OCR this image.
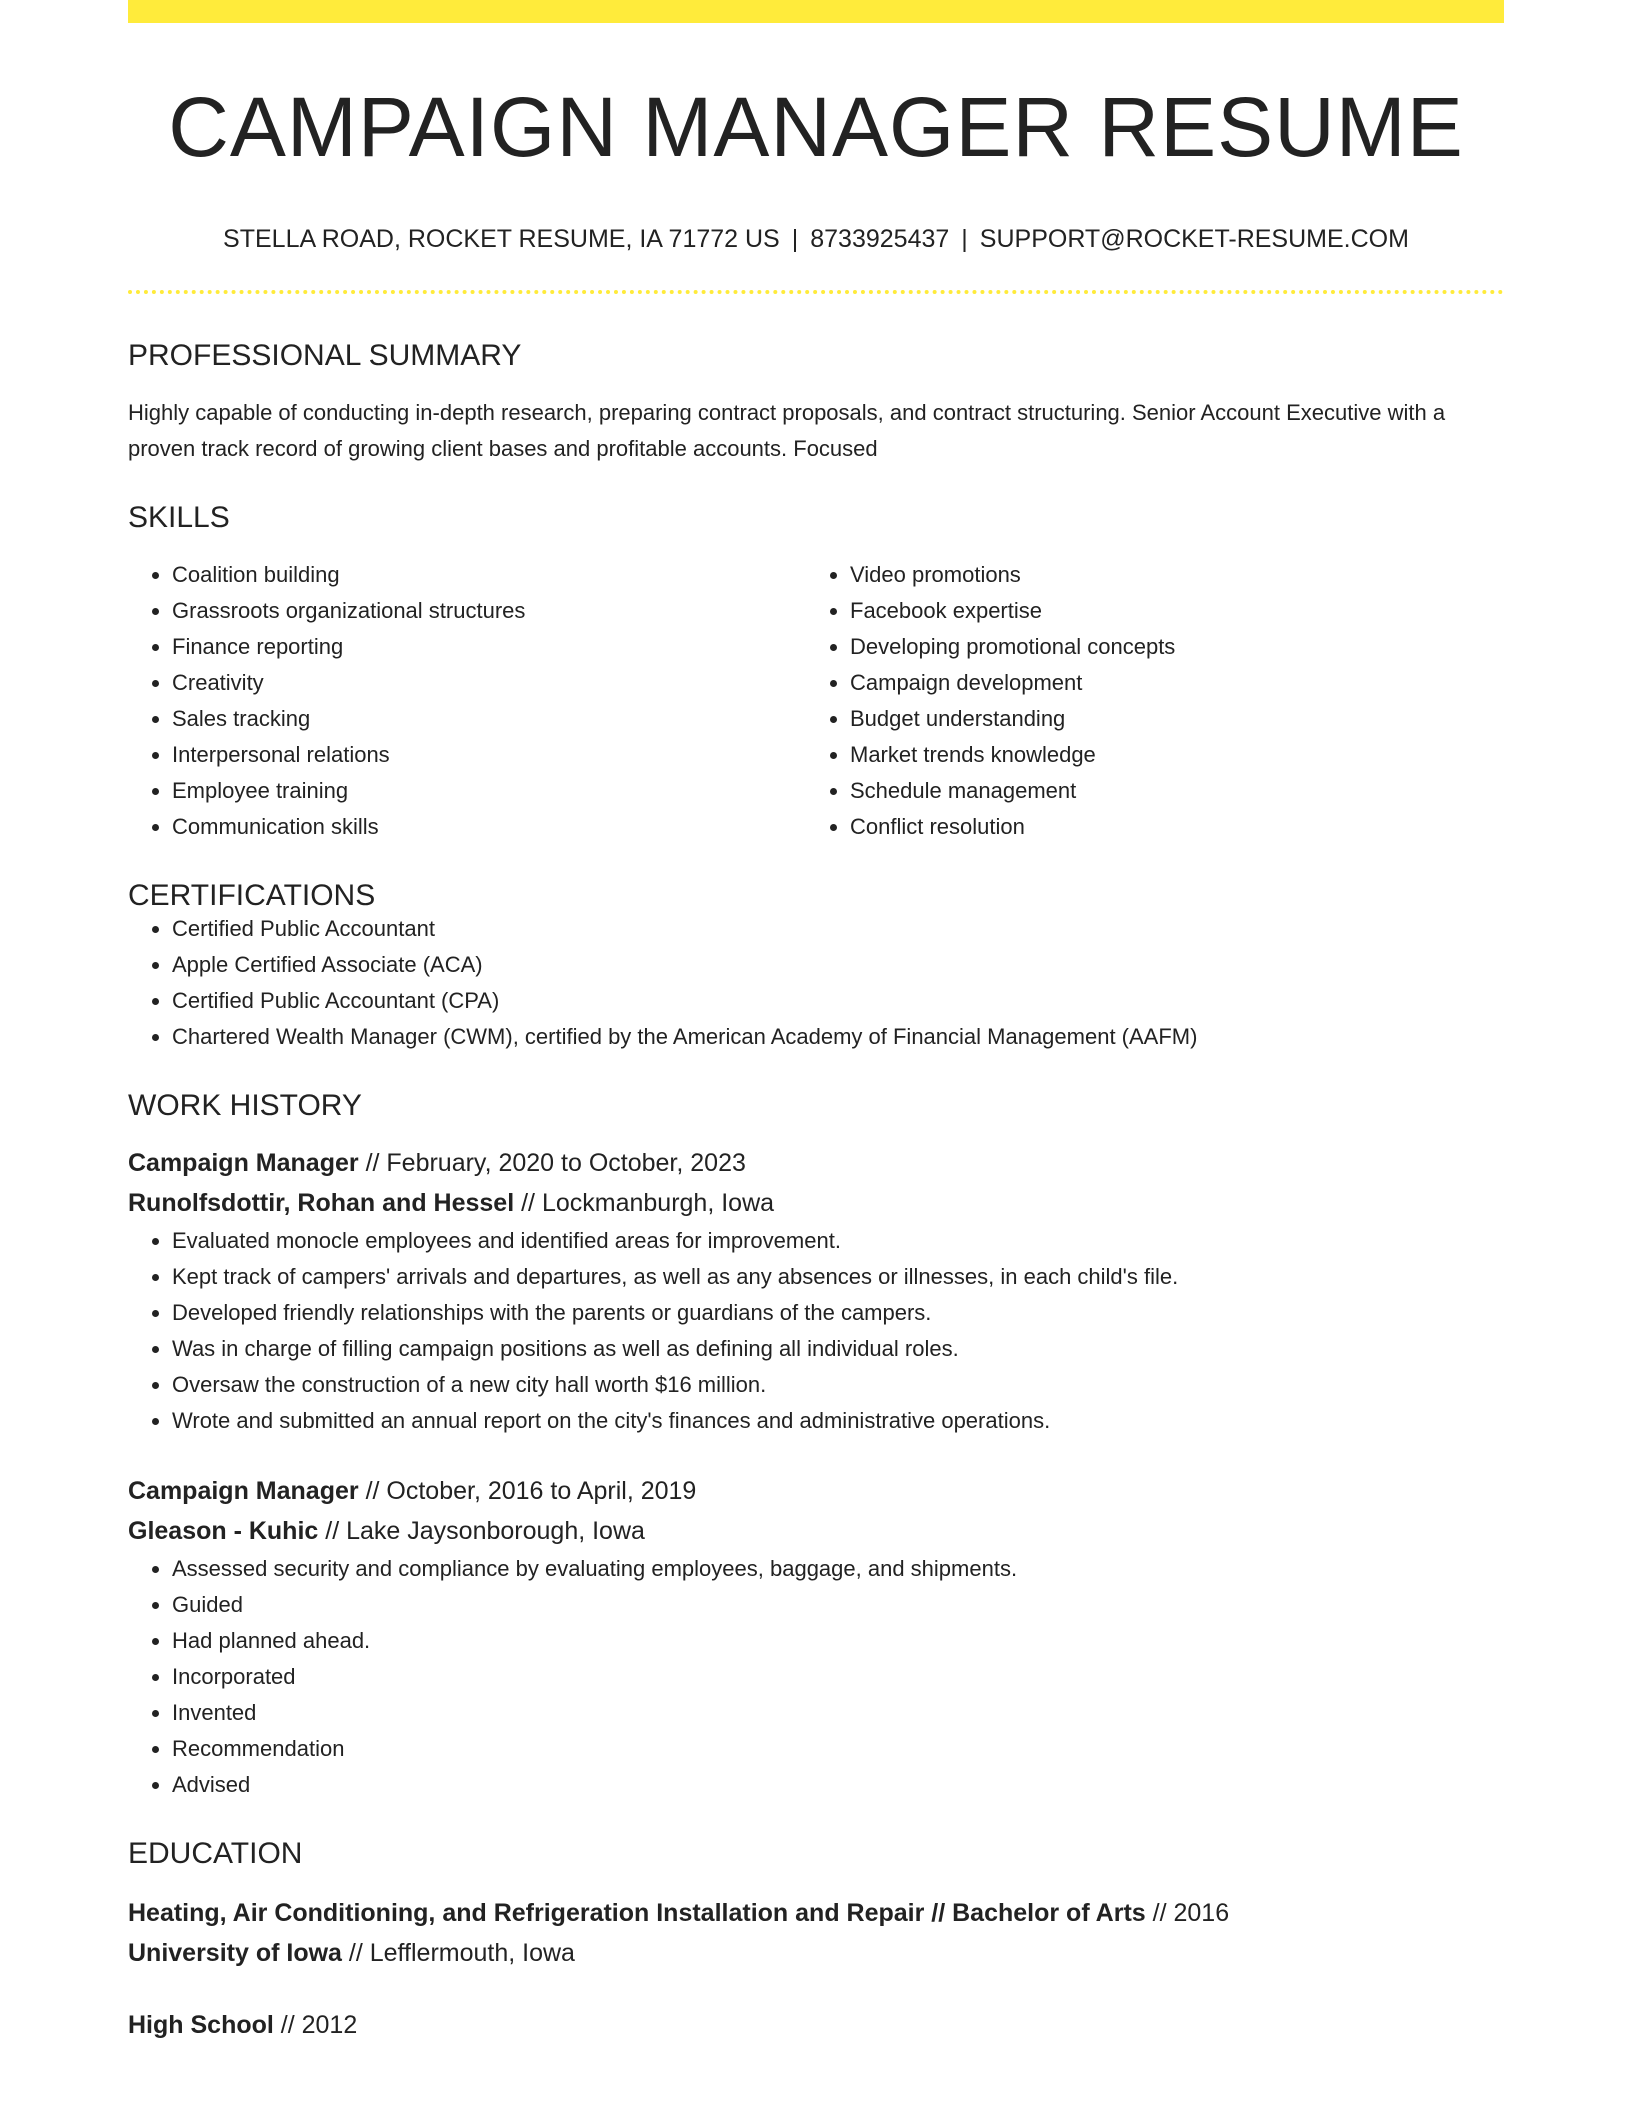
CAMPAIGN MANAGER RESUME
STELLA ROAD, ROCKET RESUME, IA 71772 US | 8733925437 | SUPPORT@ROCKET-RESUME.COM
PROFESSIONAL SUMMARY
Highly capable of conducting in-depth research, preparing contract proposals, and contract structuring. Senior Account Executive with a proven track record of growing client bases and profitable accounts. Focused
SKILLS
• Coalition building
• Grassroots organizational structures
• Finance reporting
• Creativity
• Sales tracking
• Interpersonal relations
• Employee training
• Communication skills
• Video promotions
• Facebook expertise
• Developing promotional concepts
• Campaign development
• Budget understanding
• Market trends knowledge
• Schedule management
• Conflict resolution
CERTIFICATIONS
• Certified Public Accountant
• Apple Certified Associate (ACA)
• Certified Public Accountant (CPA)
• Chartered Wealth Manager (CWM), certified by the American Academy of Financial Management (AAFM)
WORK HISTORY
Campaign Manager // February, 2020 to October, 2023
Runolfsdottir, Rohan and Hessel // Lockmanburgh, Iowa
• Evaluated monocle employees and identified areas for improvement.
• Kept track of campers' arrivals and departures, as well as any absences or illnesses, in each child's file.
• Developed friendly relationships with the parents or guardians of the campers.
• Was in charge of filling campaign positions as well as defining all individual roles.
• Oversaw the construction of a new city hall worth $16 million.
• Wrote and submitted an annual report on the city's finances and administrative operations.
Campaign Manager // October, 2016 to April, 2019
Gleason - Kuhic // Lake Jaysonborough, Iowa
• Assessed security and compliance by evaluating employees, baggage, and shipments.
• Guided
• Had planned ahead.
• Incorporated
• Invented
• Recommendation
• Advised
EDUCATION
Heating, Air Conditioning, and Refrigeration Installation and Repair // Bachelor of Arts // 2016
University of Iowa // Lefflermouth, Iowa
High School // 2012
